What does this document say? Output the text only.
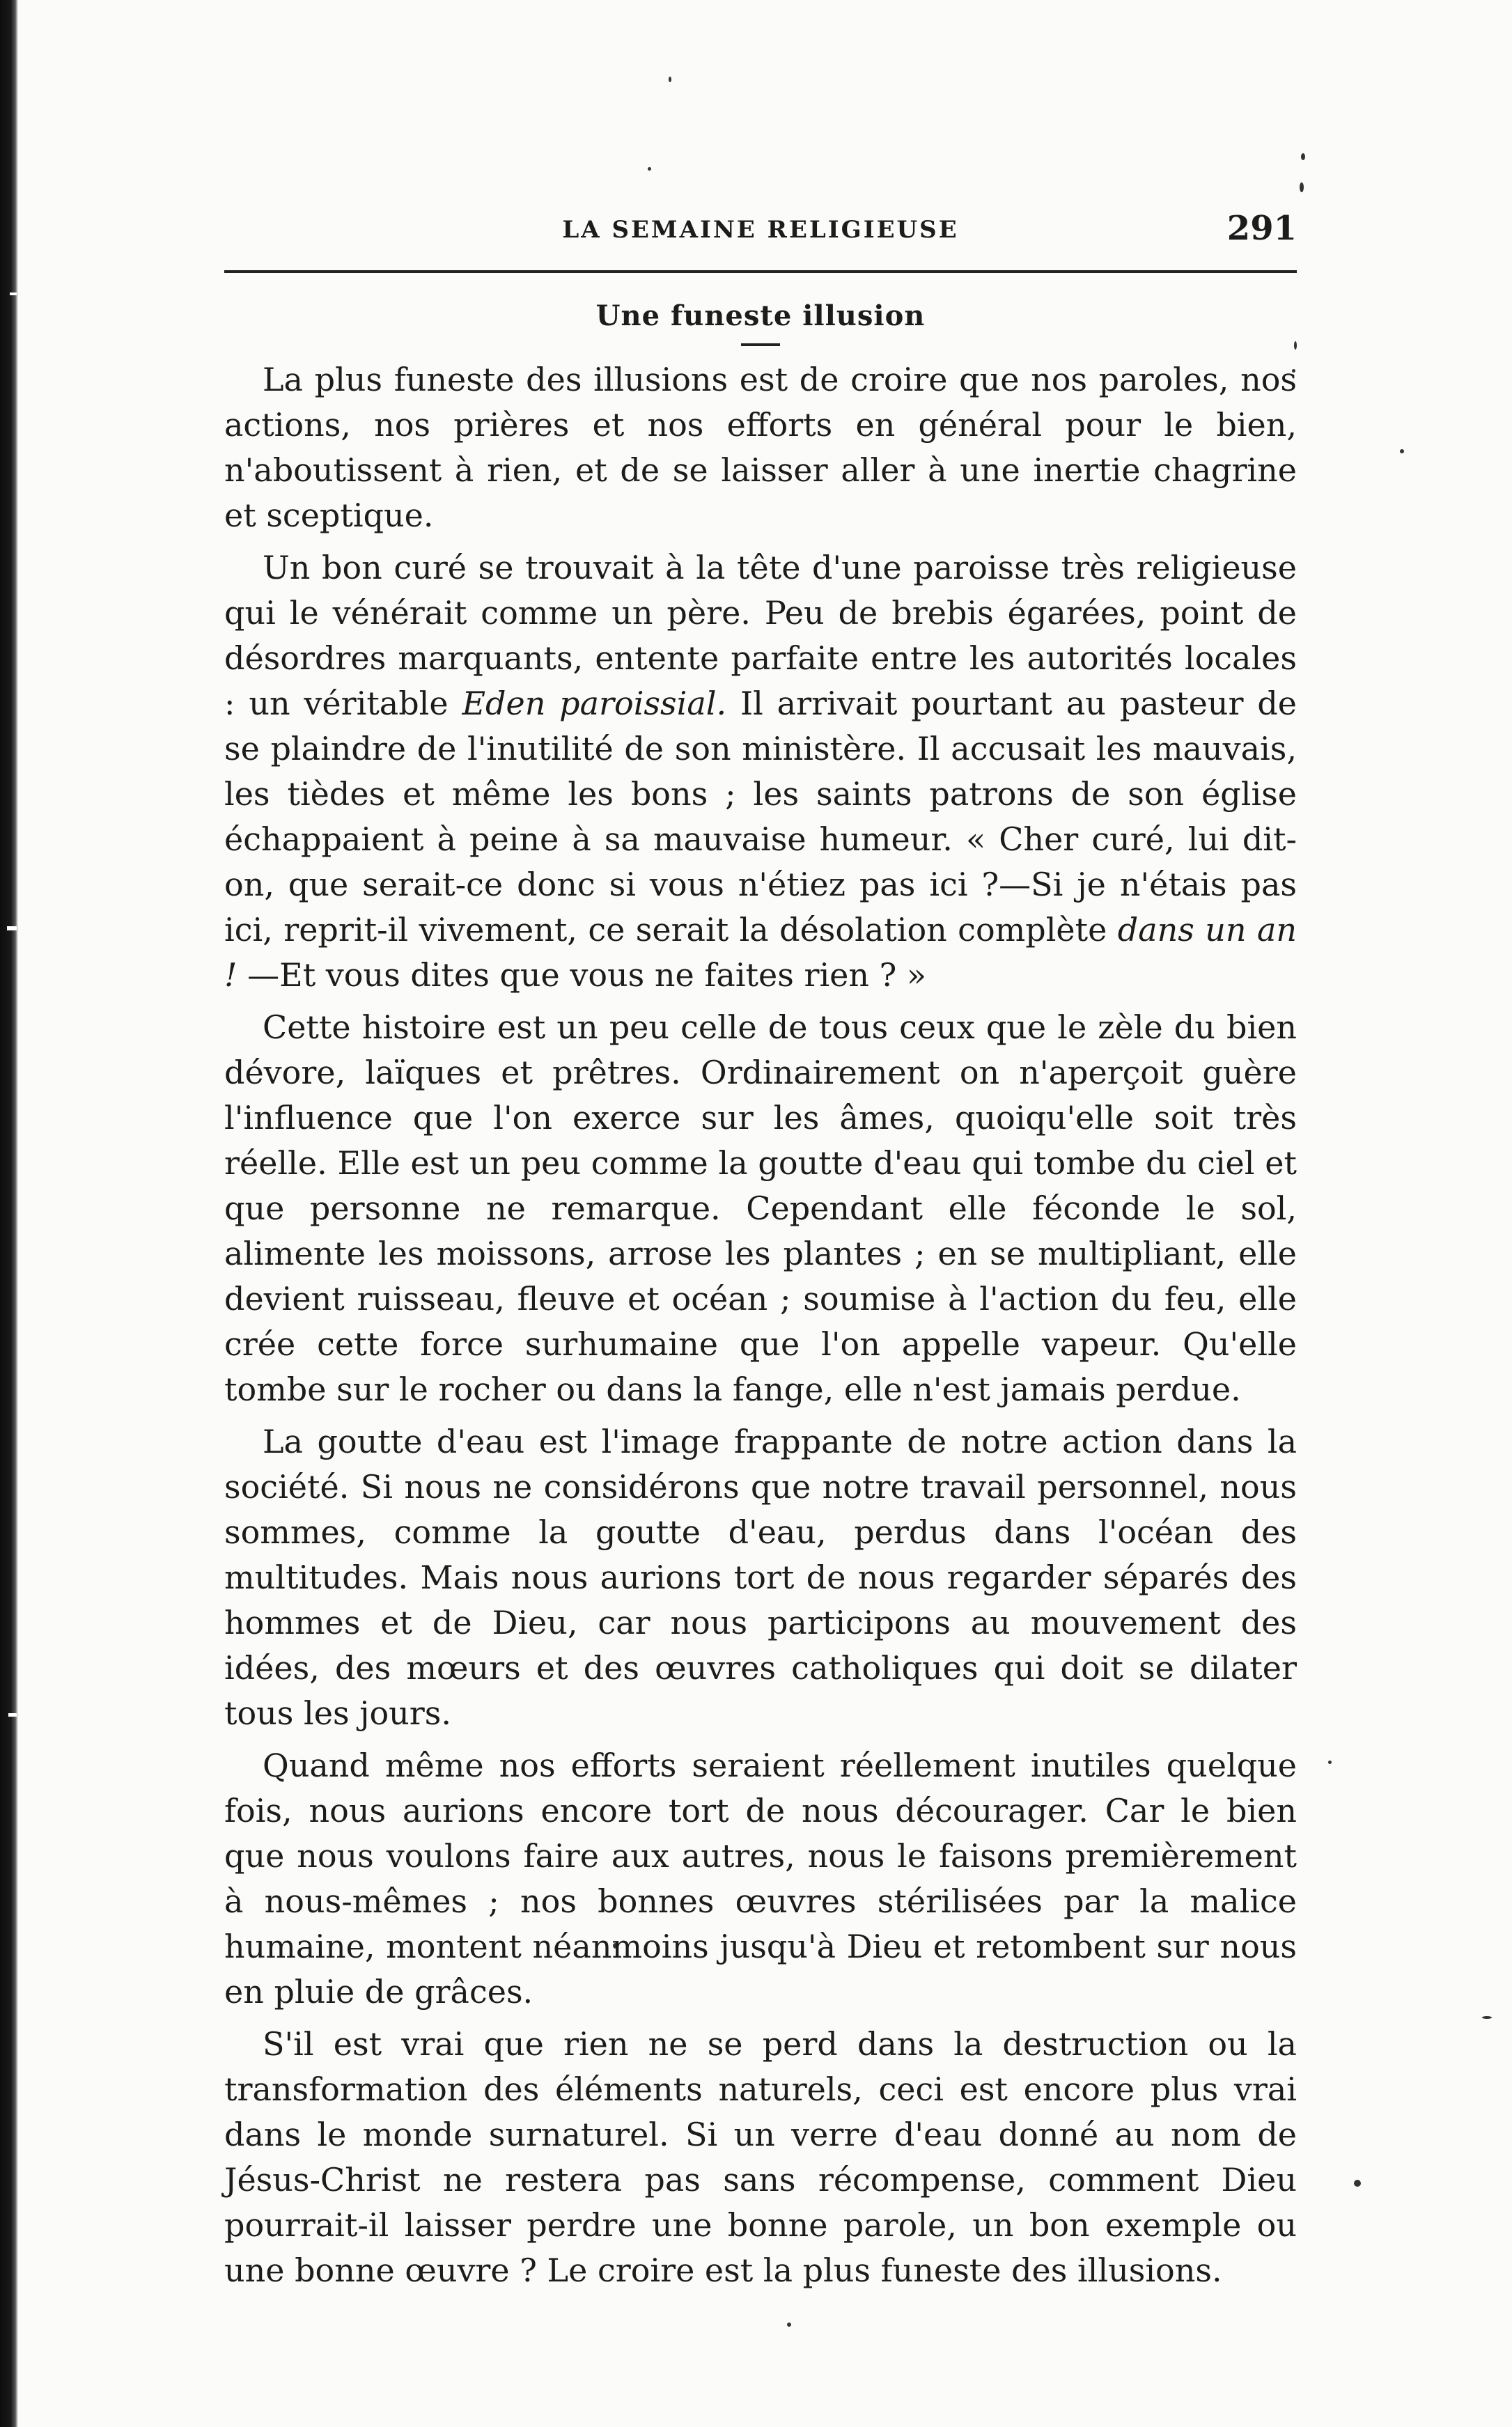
LA SEMAINE RELIGIEUSE	291
Une funeste illusion

La plus funeste des illusions est de croire que nos paroles, nos actions, nos prières et nos efforts en général pour le bien, n'aboutissent à rien, et de se laisser aller à une inertie chagrine et sceptique.

Un bon curé se trouvait à la tête d'une paroisse très religieuse qui le vénérait comme un père. Peu de brebis égarées, point de désordres marquants, entente parfaite entre les autorités locales : un véritable Eden paroissial. Il arrivait pourtant au pasteur de se plaindre de l'inutilité de son ministère. Il accusait les mauvais, les tièdes et même les bons ; les saints patrons de son église échappaient à peine à sa mauvaise humeur. « Cher curé, lui dit-on, que serait-ce donc si vous n'étiez pas ici ?—Si je n'étais pas ici, reprit-il vivement, ce serait la désolation complète dans un an ! —Et vous dites que vous ne faites rien ? »

Cette histoire est un peu celle de tous ceux que le zèle du bien dévore, laïques et prêtres. Ordinairement on n'aperçoit guère l'influence que l'on exerce sur les âmes, quoiqu'elle soit très réelle. Elle est un peu comme la goutte d'eau qui tombe du ciel et que personne ne remarque. Cependant elle féconde le sol, alimente les moissons, arrose les plantes ; en se multipliant, elle devient ruisseau, fleuve et océan ; soumise à l'action du feu, elle crée cette force surhumaine que l'on appelle vapeur. Qu'elle tombe sur le rocher ou dans la fange, elle n'est jamais perdue.

La goutte d'eau est l'image frappante de notre action dans la société. Si nous ne considérons que notre travail personnel, nous sommes, comme la goutte d'eau, perdus dans l'océan des multitudes. Mais nous aurions tort de nous regarder séparés des hommes et de Dieu, car nous participons au mouvement des idées, des mœurs et des œuvres catholiques qui doit se dilater tous les jours.

Quand même nos efforts seraient réellement inutiles quelque fois, nous aurions encore tort de nous décourager. Car le bien que nous voulons faire aux autres, nous le faisons premièrement à nous-mêmes ; nos bonnes œuvres stérilisées par la malice humaine, montent néanmoins jusqu'à Dieu et retombent sur nous en pluie de grâces.

S'il est vrai que rien ne se perd dans la destruction ou la transformation des éléments naturels, ceci est encore plus vrai dans le monde surnaturel. Si un verre d'eau donné au nom de Jésus-Christ ne restera pas sans récompense, comment Dieu pourrait-il laisser perdre une bonne parole, un bon exemple ou une bonne œuvre ? Le croire est la plus funeste des illusions.
